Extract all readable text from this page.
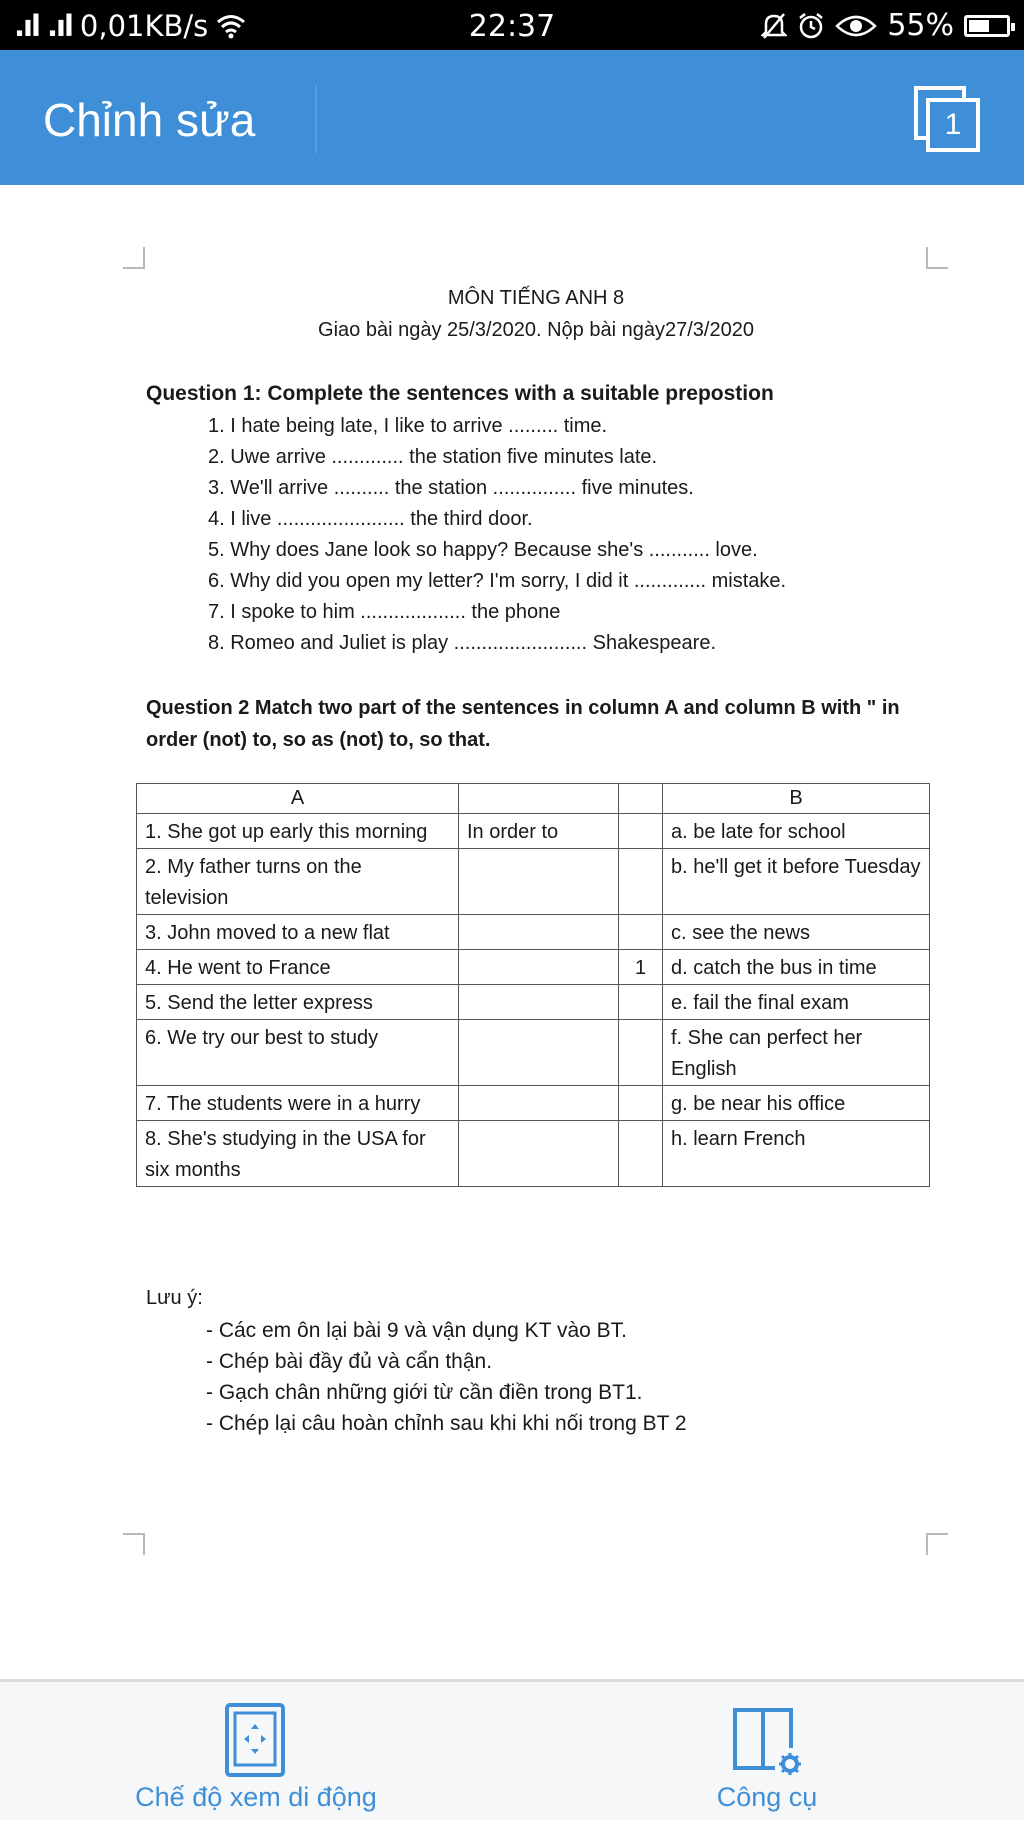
.ıl .ıl 0,01KB/s	22:37	55%
Chỉnh sửa	1
MÔN TIẾNG ANH 8
Giao bài ngày 25/3/2020. Nộp bài ngày27/3/2020
Question 1: Complete the sentences with a suitable prepostion
1. I hate being late, I like to arrive ......... time.
2. Uwe arrive ............. the station five minutes late.
3. We'll arrive .......... the station ............... five minutes.
4. I live ....................... the third door.
5. Why does Jane look so happy? Because she's ........... love.
6. Why did you open my letter? I'm sorry, I did it ............. mistake.
7. I spoke to him ................... the phone
8. Romeo and Juliet is play ........................ Shakespeare.
Question 2 Match two part of the sentences in column A and column B with " in order (not) to, so as (not) to, so that.
A			B
1. She got up early this morning	In order to		a. be late for school
2. My father turns on the television			b. he'll get it before Tuesday
3. John moved to a new flat			c. see the news
4. He went to France		1	d. catch the bus in time
5. Send the letter express			e. fail the final exam
6. We try our best to study			f. She can perfect her English
7. The students were in a hurry			g. be near his office
8. She's studying in the USA for six months			h. learn French
Lưu ý:
- Các em ôn lại bài 9 và vận dụng KT vào BT.
- Chép bài đầy đủ và cẩn thận.
- Gạch chân những giới từ cần điền trong BT1.
- Chép lại câu hoàn chỉnh sau khi khi nối trong BT 2
Chế độ xem di động	Công cụ
